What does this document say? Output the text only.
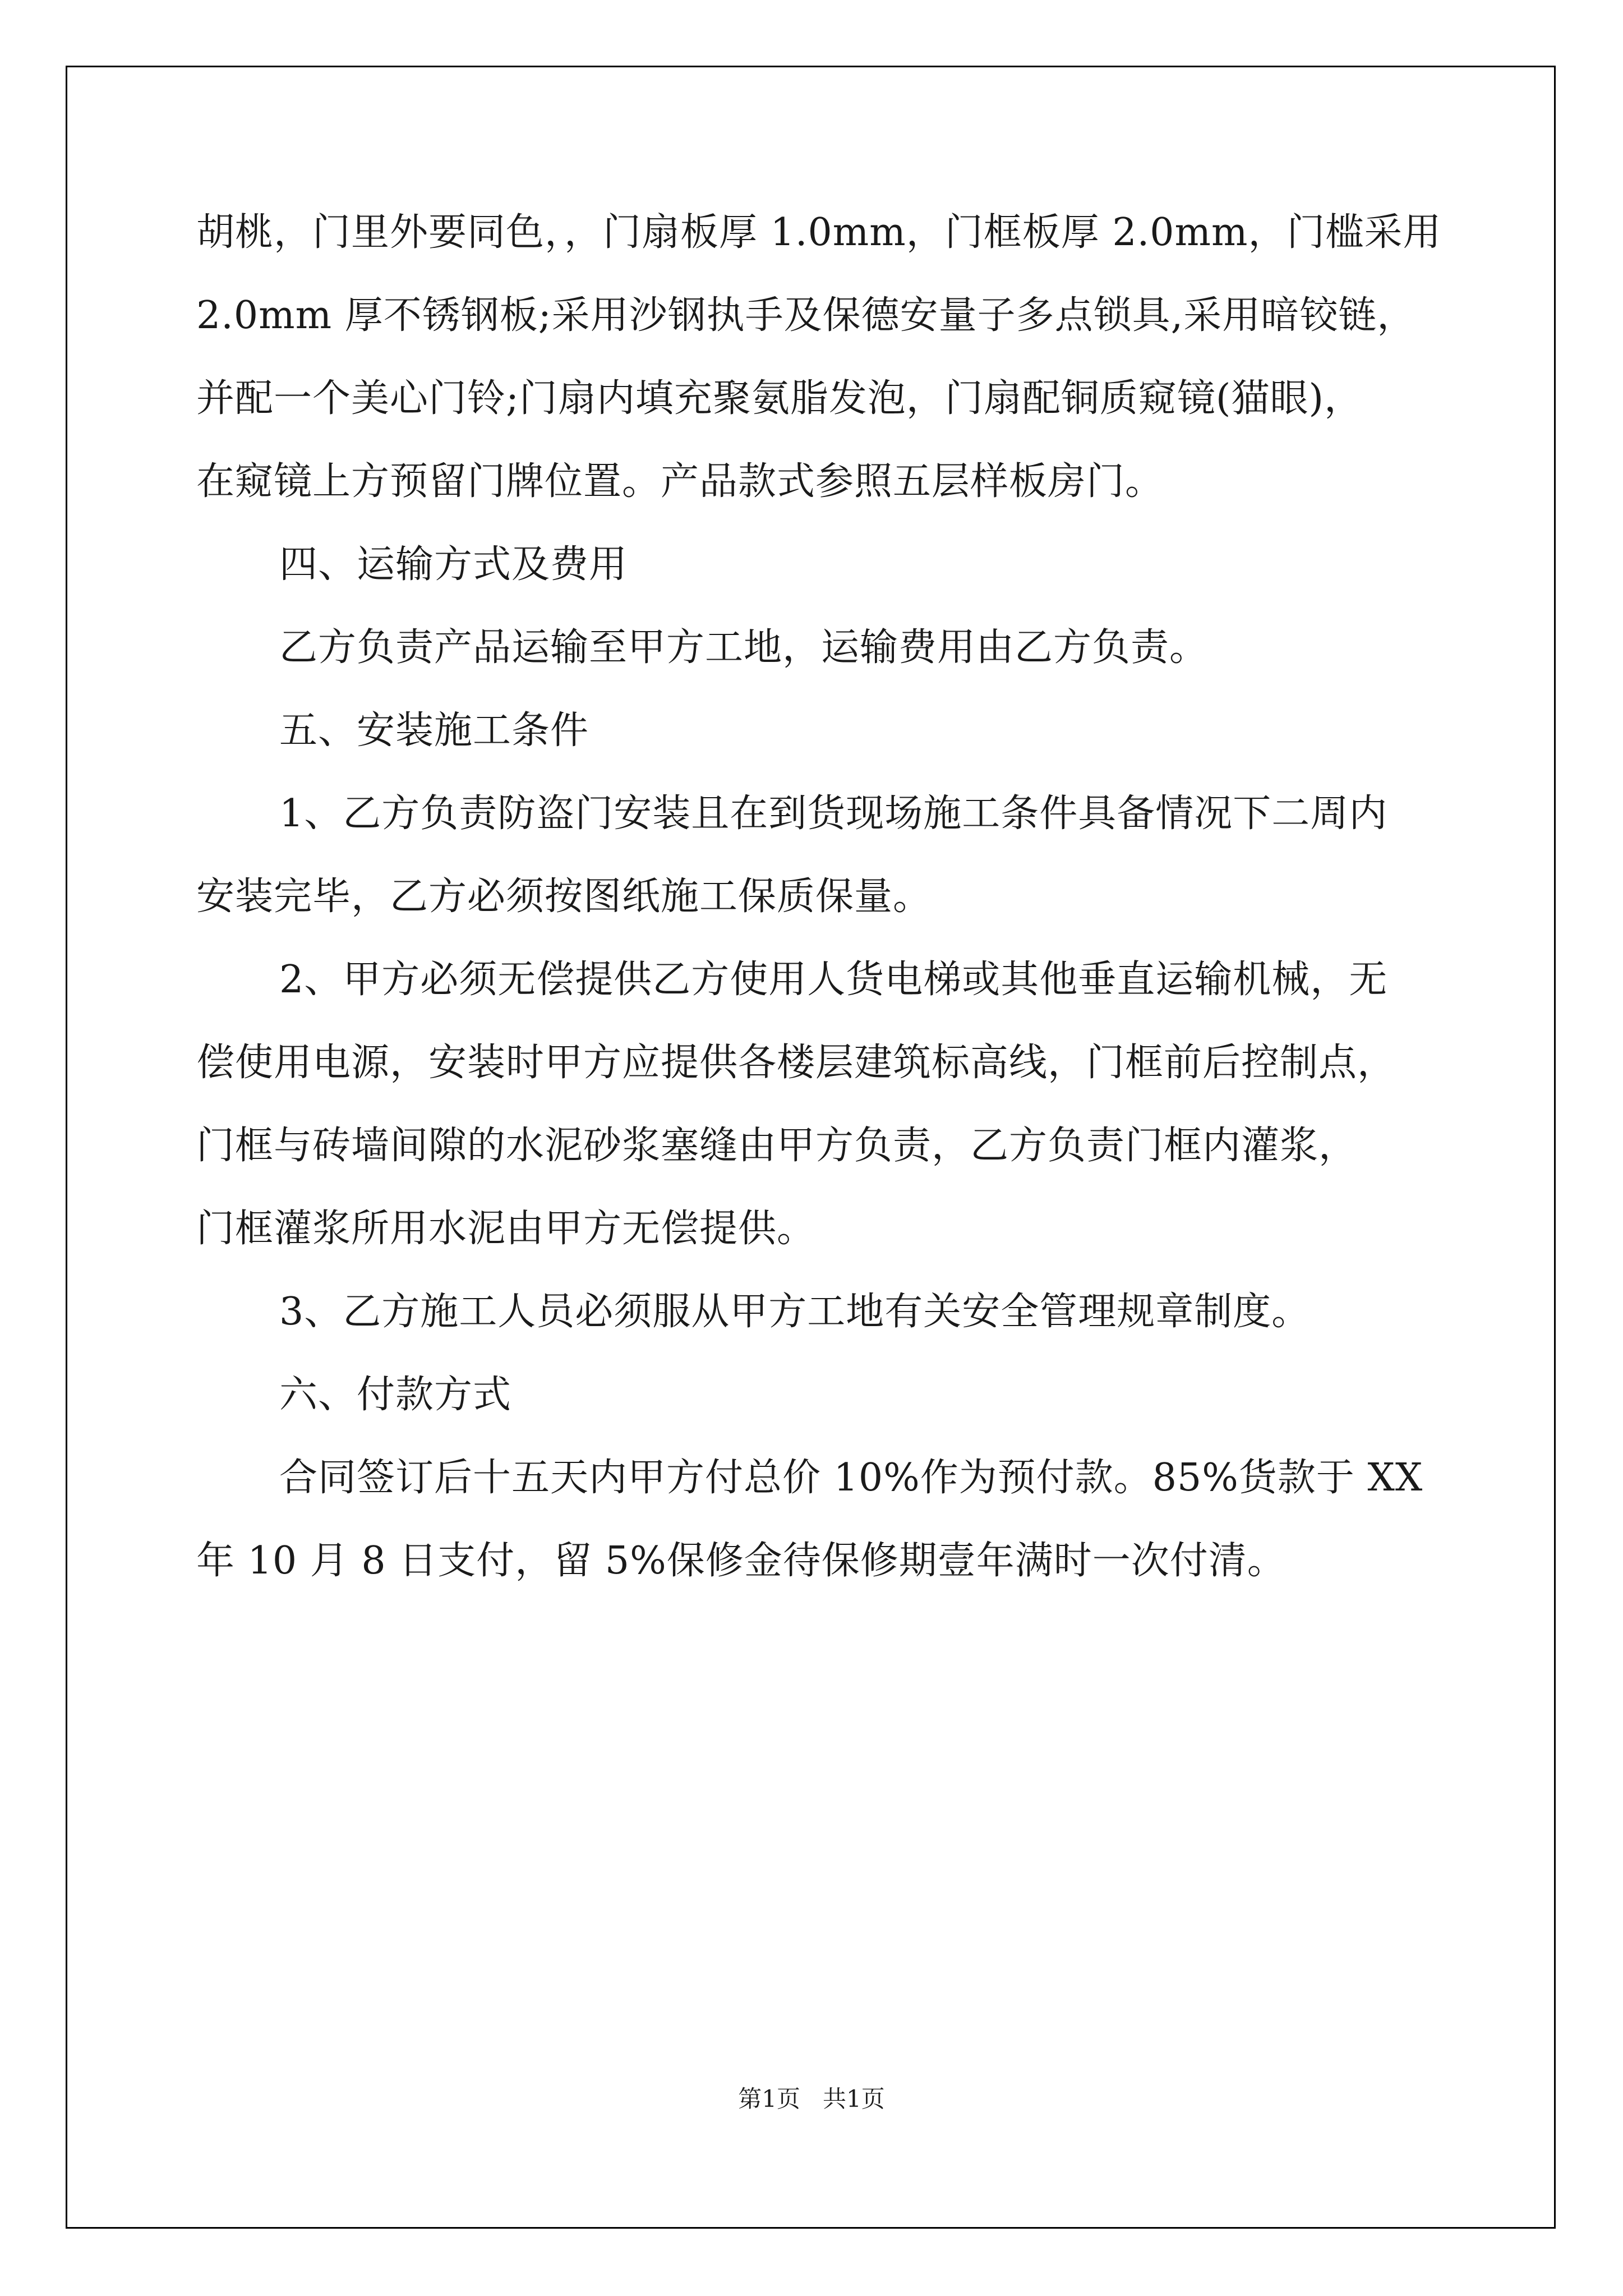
胡桃，门里外要同色，，门扇板厚 1.0mm，门框板厚 2.0mm，门槛采用
2.0mm 厚不锈钢板;采用沙钢执手及保德安量子多点锁具,采用暗铰链，
并配一个美心门铃;门扇内填充聚氨脂发泡，门扇配铜质窥镜(猫眼)，
在窥镜上方预留门牌位置。产品款式参照五层样板房门。
四、运输方式及费用
乙方负责产品运输至甲方工地，运输费用由乙方负责。
五、安装施工条件
1、乙方负责防盗门安装且在到货现场施工条件具备情况下二周内
安装完毕，乙方必须按图纸施工保质保量。
2、甲方必须无偿提供乙方使用人货电梯或其他垂直运输机械，无
偿使用电源，安装时甲方应提供各楼层建筑标高线，门框前后控制点，
门框与砖墙间隙的水泥砂浆塞缝由甲方负责，乙方负责门框内灌浆，
门框灌浆所用水泥由甲方无偿提供。
3、乙方施工人员必须服从甲方工地有关安全管理规章制度。
六、付款方式
合同签订后十五天内甲方付总价 10%作为预付款。85%货款于 XX
年 10 月 8 日支付，留 5%保修金待保修期壹年满时一次付清。
第1页   共1页
